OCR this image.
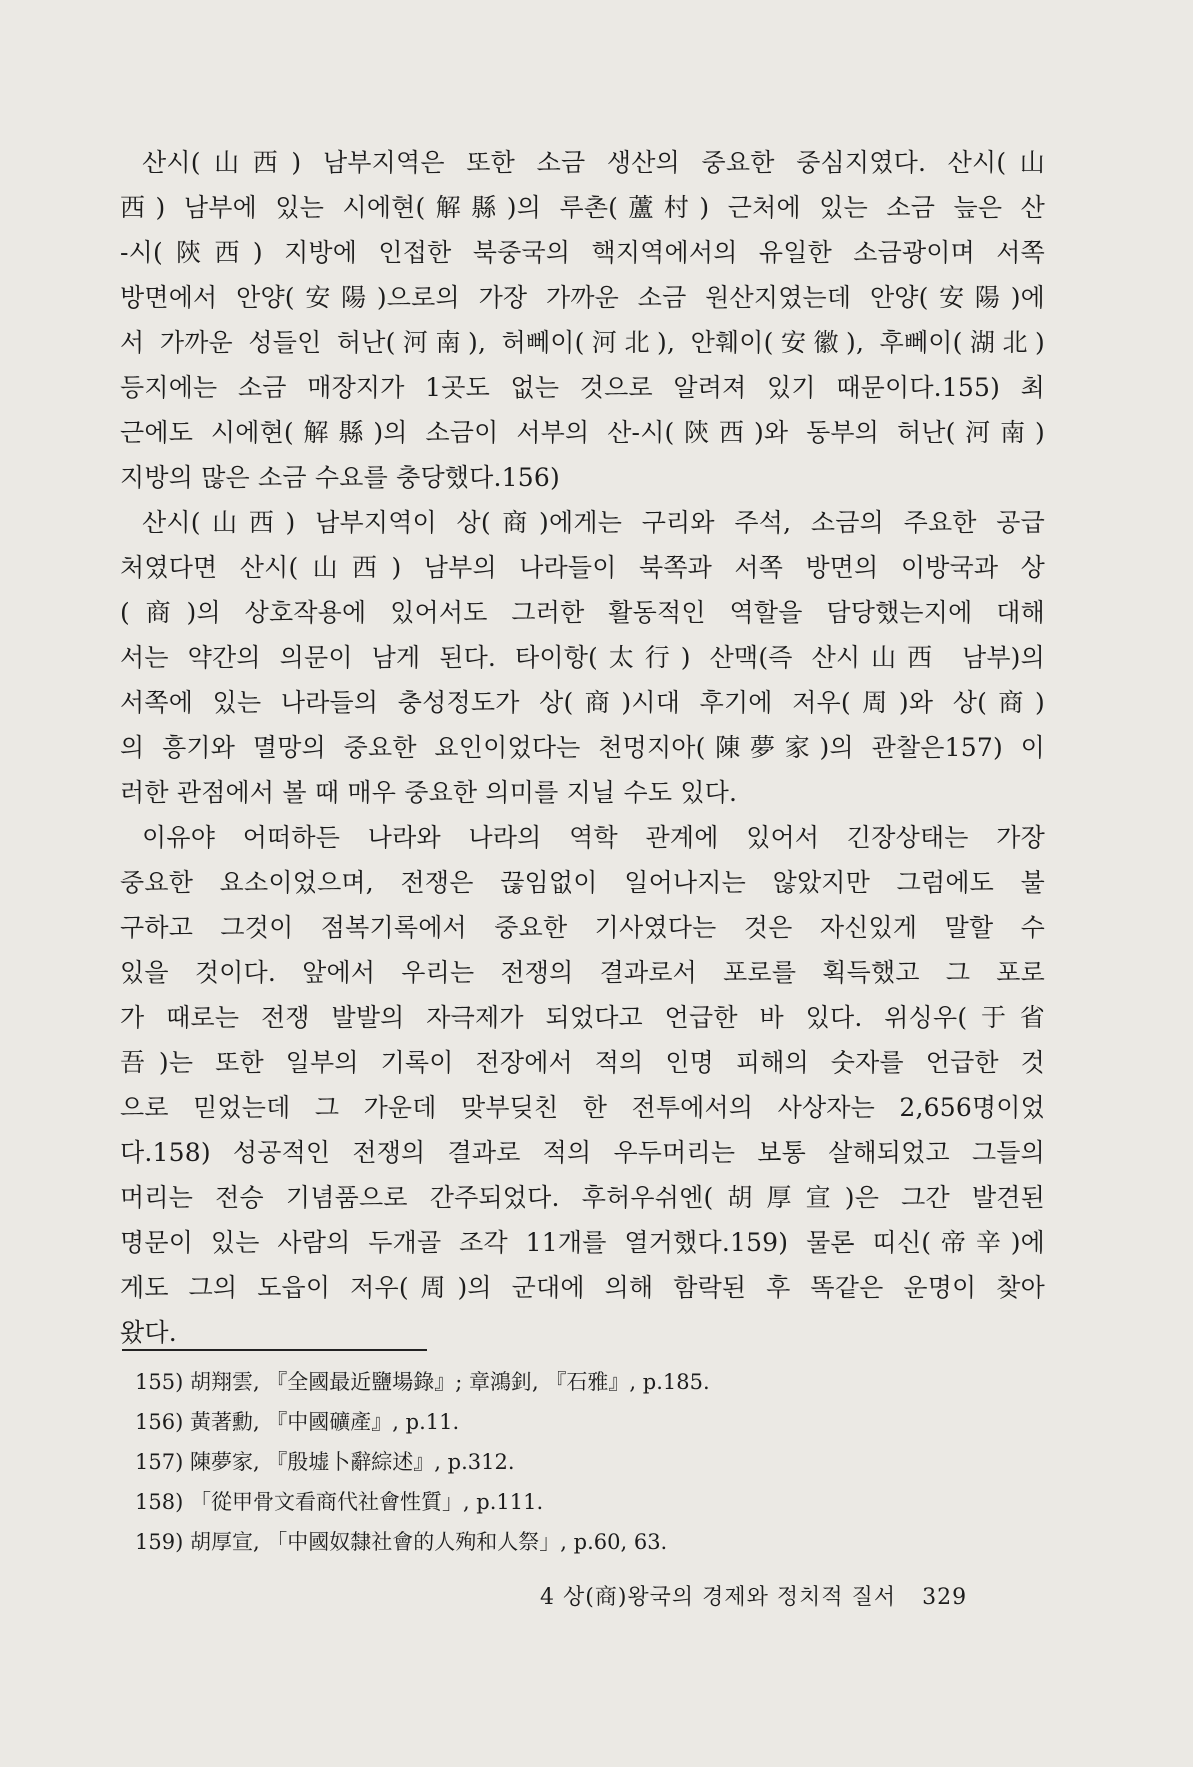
산시(山西) 남부지역은 또한 소금 생산의 중요한 중심지였다. 산시(山
西) 남부에 있는 시에현(解縣)의 루촌(蘆村) 근처에 있는 소금 늪은 산
-시(陝西) 지방에 인접한 북중국의 핵지역에서의 유일한 소금광이며 서쪽
방면에서 안양(安陽)으로의 가장 가까운 소금 원산지였는데 안양(安陽)에
서 가까운 성들인 허난(河南), 허뻬이(河北), 안훼이(安徽), 후뻬이(湖北)
등지에는 소금 매장지가 1곳도 없는 것으로 알려져 있기 때문이다.155) 최
근에도 시에현(解縣)의 소금이 서부의 산-시(陝西)와 동부의 허난(河南)
지방의 많은 소금 수요를 충당했다.156)
산시(山西) 남부지역이 상(商)에게는 구리와 주석, 소금의 주요한 공급
처였다면 산시(山西) 남부의 나라들이 북쪽과 서쪽 방면의 이방국과 상
(商)의 상호작용에 있어서도 그러한 활동적인 역할을 담당했는지에 대해
서는 약간의 의문이 남게 된다. 타이항(太行) 산맥(즉 산시山西 남부)의
서쪽에 있는 나라들의 충성정도가 상(商)시대 후기에 저우(周)와 상(商)
의 흥기와 멸망의 중요한 요인이었다는 천멍지아(陳夢家)의 관찰은157) 이
러한 관점에서 볼 때 매우 중요한 의미를 지닐 수도 있다.
이유야 어떠하든 나라와 나라의 역학 관계에 있어서 긴장상태는 가장
중요한 요소이었으며, 전쟁은 끊임없이 일어나지는 않았지만 그럼에도 불
구하고 그것이 점복기록에서 중요한 기사였다는 것은 자신있게 말할 수
있을 것이다. 앞에서 우리는 전쟁의 결과로서 포로를 획득했고 그 포로
가 때로는 전쟁 발발의 자극제가 되었다고 언급한 바 있다. 위싱우(于省
吾)는 또한 일부의 기록이 전장에서 적의 인명 피해의 숫자를 언급한 것
으로 믿었는데 그 가운데 맞부딪친 한 전투에서의 사상자는 2,656명이었
다.158) 성공적인 전쟁의 결과로 적의 우두머리는 보통 살해되었고 그들의
머리는 전승 기념품으로 간주되었다. 후허우쉬엔(胡厚宣)은 그간 발견된
명문이 있는 사람의 두개골 조각 11개를 열거했다.159) 물론 띠신(帝辛)에
게도 그의 도읍이 저우(周)의 군대에 의해 함락된 후 똑같은 운명이 찾아
왔다.
155) 胡翔雲, 『全國最近鹽場錄』; 章鴻釗, 『石雅』, p.185.
156) 黃著勳, 『中國礦產』, p.11.
157) 陳夢家, 『殷墟卜辭綜述』, p.312.
158) 「從甲骨文看商代社會性質」, p.111.
159) 胡厚宣, 「中國奴隸社會的人殉和人祭」, p.60, 63.
4 상(商)왕국의 경제와 정치적 질서 329
